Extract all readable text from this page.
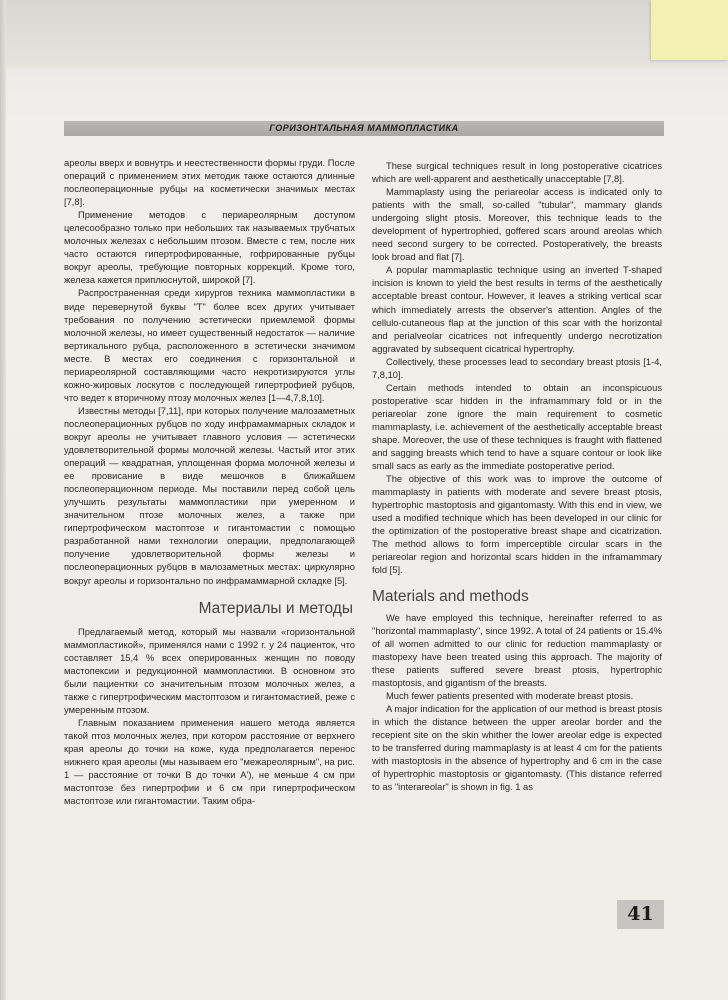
ГОРИЗОНТАЛЬНАЯ МАММОПЛАСТИКА

ареолы вверх и вовнутрь и неестественности формы груди. После операций с применением этих методик также остаются длинные послеоперационные рубцы на косметически значимых местах [7,8].

Применение методов с периареолярным доступом целесообразно только при небольших так называемых трубчатых молочных железах с небольшим птозом. Вместе с тем, после них часто остаются гипертрофированные, гофрированные рубцы вокруг ареолы, требующие повторных коррекций. Кроме того, железа кажется приплюснутой, широкой [7].

Распространенная среди хирургов техника маммопластики в виде перевернутой буквы "Т" более всех других учитывает требования по получению эстетически приемлемой формы молочной железы, но имеет существенный недостаток — наличие вертикального рубца, расположенного в эстетически значимом месте. В местах его соединения с горизонтальной и периареолярной составляющими часто некротизируются углы кожно-жировых лоскутов с последующей гипертрофией рубцов, что ведет к вторичному птозу молочных желез [1—4,7,8,10].

Известны методы [7,11], при которых получение малозаметных послеоперационных рубцов по ходу инфрамаммарных складок и вокруг ареолы не учитывает главного условия — эстетически удовлетворительной формы молочной железы. Частый итог этих операций — квадратная, уплощенная форма молочной железы и ее провисание в виде мешочков в ближайшем послеоперационном периоде. Мы поставили перед собой цель улучшить результаты маммопластики при умеренном и значительном птозе молочных желез, а также при гипертрофическом мастоптозе и гигантомастии с помощью разработанной нами технологии операции, предполагающей получение удовлетворительной формы железы и послеоперационных рубцов в малозаметных местах: циркулярно вокруг ареолы и горизонтально по инфрамаммарной складке [5].

Материалы и методы

Предлагаемый метод, который мы назвали «горизонтальной маммопластикой», применялся нами с 1992 г. у 24 пациенток, что составляет 15,4 % всех оперированных женщин по поводу мастопексии и редукционной маммопластики. В основном это были пациентки со значительным птозом молочных желез, а также с гипертрофическим мастоптозом и гигантомастией, реже с умеренным птозом.

Главным показанием применения нашего метода является такой птоз молочных желез, при котором расстояние от верхнего края ареолы до точки на коже, куда предполагается перенос нижнего края ареолы (мы называем его "межареолярным", на рис. 1 — расстояние от точки В до точки А'), не меньше 4 см при мастоптозе без гипертрофии и 6 см при гипертрофическом мастоптозе или гигантомастии. Таким обра-

These surgical techniques result in long postoperative cicatrices which are well-apparent and aesthetically unacceptable [7,8].

Mammaplasty using the periareolar access is indicated only to patients with the small, so-called "tubular", mammary glands undergoing slight ptosis. Moreover, this technique leads to the development of hypertrophied, goffered scars around areolas which need second surgery to be corrected. Postoperatively, the breasts look broad and flat [7].

A popular mammaplastic technique using an inverted T-shaped incision is known to yield the best results in terms of the aesthetically acceptable breast contour. However, it leaves a striking vertical scar which immediately arrests the observer's attention. Angles of the cellulo-cutaneous flap at the junction of this scar with the horizontal and perialveolar cicatrices not infrequently undergo necrotization aggravated by subsequent cicatrical hypertrophy.

Collectively, these processes lead to secondary breast ptosis [1-4, 7,8,10].

Certain methods intended to obtain an inconspicuous postoperative scar hidden in the inframammary fold or in the periareolar zone ignore the main requirement to cosmetic mammaplasty, i.e. achievement of the aesthetically acceptable breast shape. Moreover, the use of these techniques is fraught with flattened and sagging breasts which tend to have a square contour or look like small sacs as early as the immediate postoperative period.

The objective of this work was to improve the outcome of mammaplasty in patients with moderate and severe breast ptosis, hypertrophic mastoptosis and gigantomasty. With this end in view, we used a modified technique which has been developed in our clinic for the optimization of the postoperative breast shape and cicatrization. The method allows to form imperceptible circular scars in the periareolar region and horizontal scars hidden in the inframammary fold [5].

Materials and methods

We have employed this technique, hereinafter referred to as "horizontal mammaplasty", since 1992. A total of 24 patients or 15.4% of all women admitted to our clinic for reduction mammaplasty or mastopexy have been treated using this approach. The majority of these patients suffered severe breast ptosis, hypertrophic mastoptosis, and gigantism of the breasts.

Much fewer patients presented with moderate breast ptosis.

A major indication for the application of our method is breast ptosis in which the distance between the upper areolar border and the recepient site on the skin whither the lower areolar edge is expected to be transferred during mammaplasty is at least 4 cm for the patients with mastoptosis in the absence of hypertrophy and 6 cm in the case of hypertrophic mastoptosis or gigantomasty. (This distance referred to as "interareolar" is shown in fig. 1 as

41
